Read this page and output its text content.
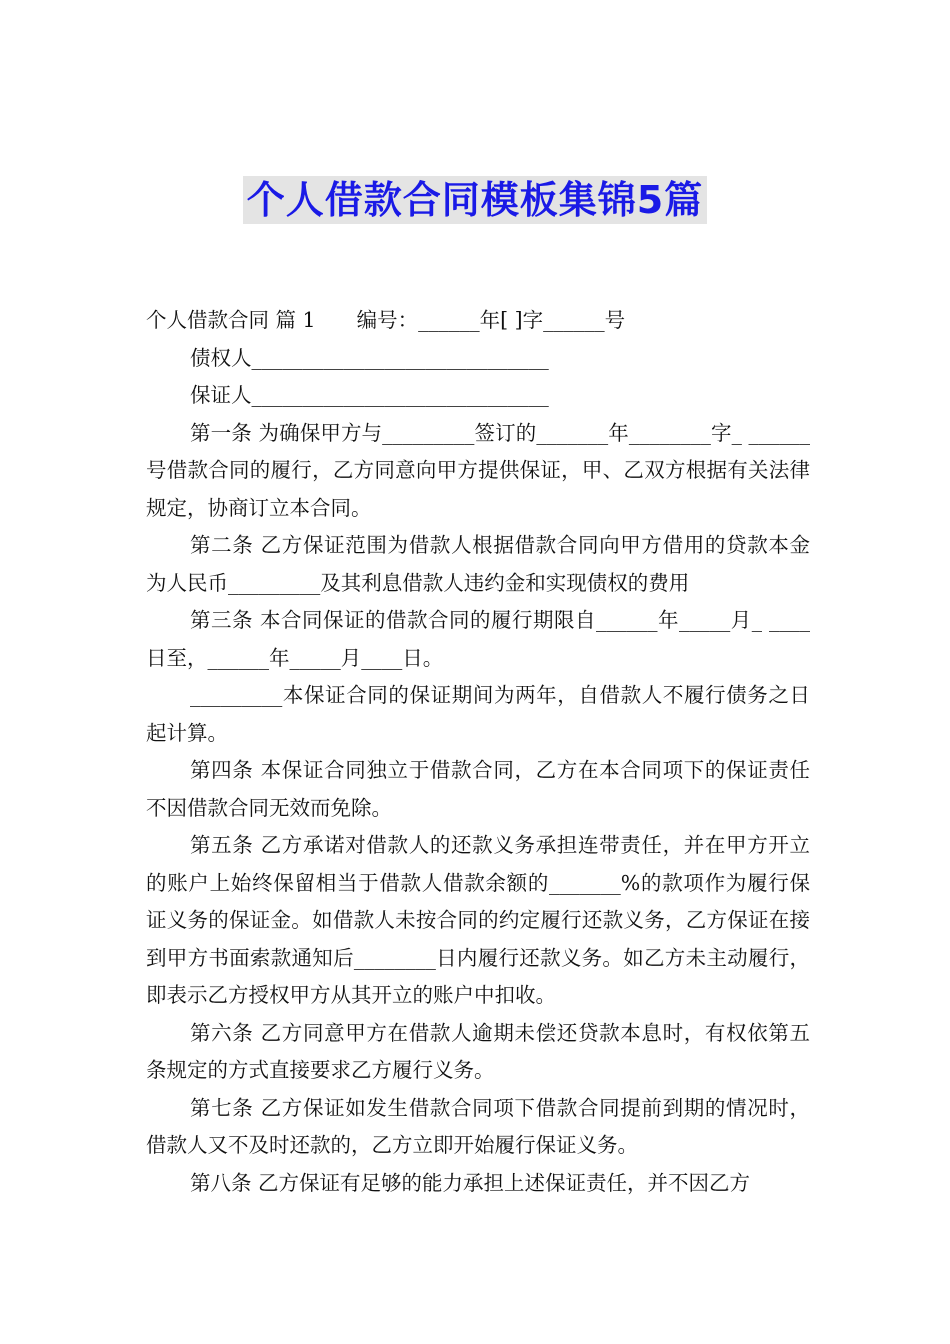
个人借款合同模板集锦5篇

个人借款合同 篇 1　　编号：______年[ ]字______号

债权人_____________________________

保证人_____________________________

第一条 为确保甲方与_________签订的_______年________字_ ______号借款合同的履行，乙方同意向甲方提供保证，甲、乙双方根据有关法律规定，协商订立本合同。

第二条 乙方保证范围为借款人根据借款合同向甲方借用的贷款本金为人民币_________及其利息借款人违约金和实现债权的费用

第三条 本合同保证的借款合同的履行期限自______年_____月_ ____日至，______年_____月____日。

_________本保证合同的保证期间为两年，自借款人不履行债务之日起计算。

第四条 本保证合同独立于借款合同，乙方在本合同项下的保证责任不因借款合同无效而免除。

第五条 乙方承诺对借款人的还款义务承担连带责任，并在甲方开立的账户上始终保留相当于借款人借款余额的_______%的款项作为履行保证义务的保证金。如借款人未按合同的约定履行还款义务，乙方保证在接到甲方书面索款通知后________日内履行还款义务。如乙方未主动履行，即表示乙方授权甲方从其开立的账户中扣收。

第六条 乙方同意甲方在借款人逾期未偿还贷款本息时，有权依第五条规定的方式直接要求乙方履行义务。

第七条 乙方保证如发生借款合同项下借款合同提前到期的情况时，借款人又不及时还款的，乙方立即开始履行保证义务。

第八条 乙方保证有足够的能力承担上述保证责任，并不因乙方
